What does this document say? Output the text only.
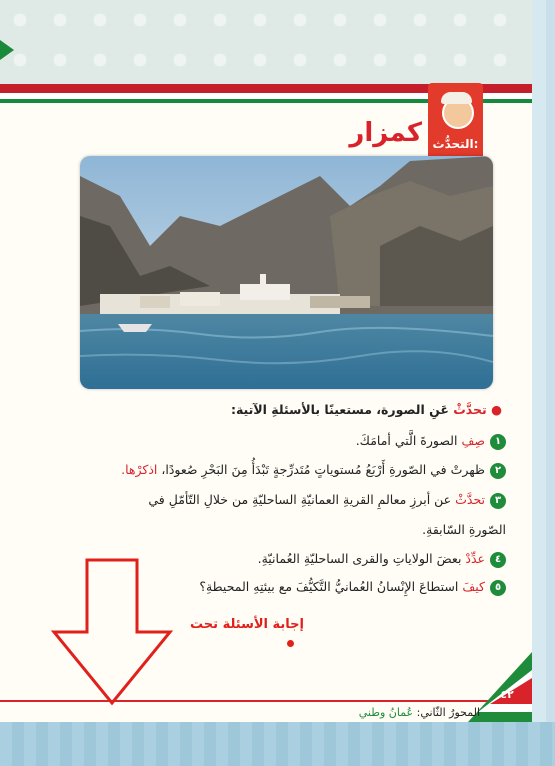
التحدُّث:
كمزار
● تحدَّثْ عَنِ الصورة، مستعينًا بالأسئلةِ الآتية:
١صِفِ الصورةَ الَّتي أمامَكَ.
٢ظهرتْ في الصّورةِ أَرْبَعُ مُستوياتٍ مُتَدرِّجةٍ تَبْدَأُ مِنَ البَحْرِ صُعودًا، اذكرْها.
٣تحدَّثْ عن أبرزِ معالمِ القريةِ العمانيّةِ الساحليّةِ من خلالِ التّأمّلِ في
الصّورةِ السّابقةِ.
٤عدِّدْ بعضَ الولاياتِ والقرى الساحليّةِ العُمانيّةِ.
٥كيفَ استطاعَ الإِنْسانُ العُمانيُّ التَّكيُّفَ مع بيئتِهِ المحيطةِ؟
إجابة الأسئلة تحت
٤٢
المحورُ الثّاني: عُمانُ وطني
